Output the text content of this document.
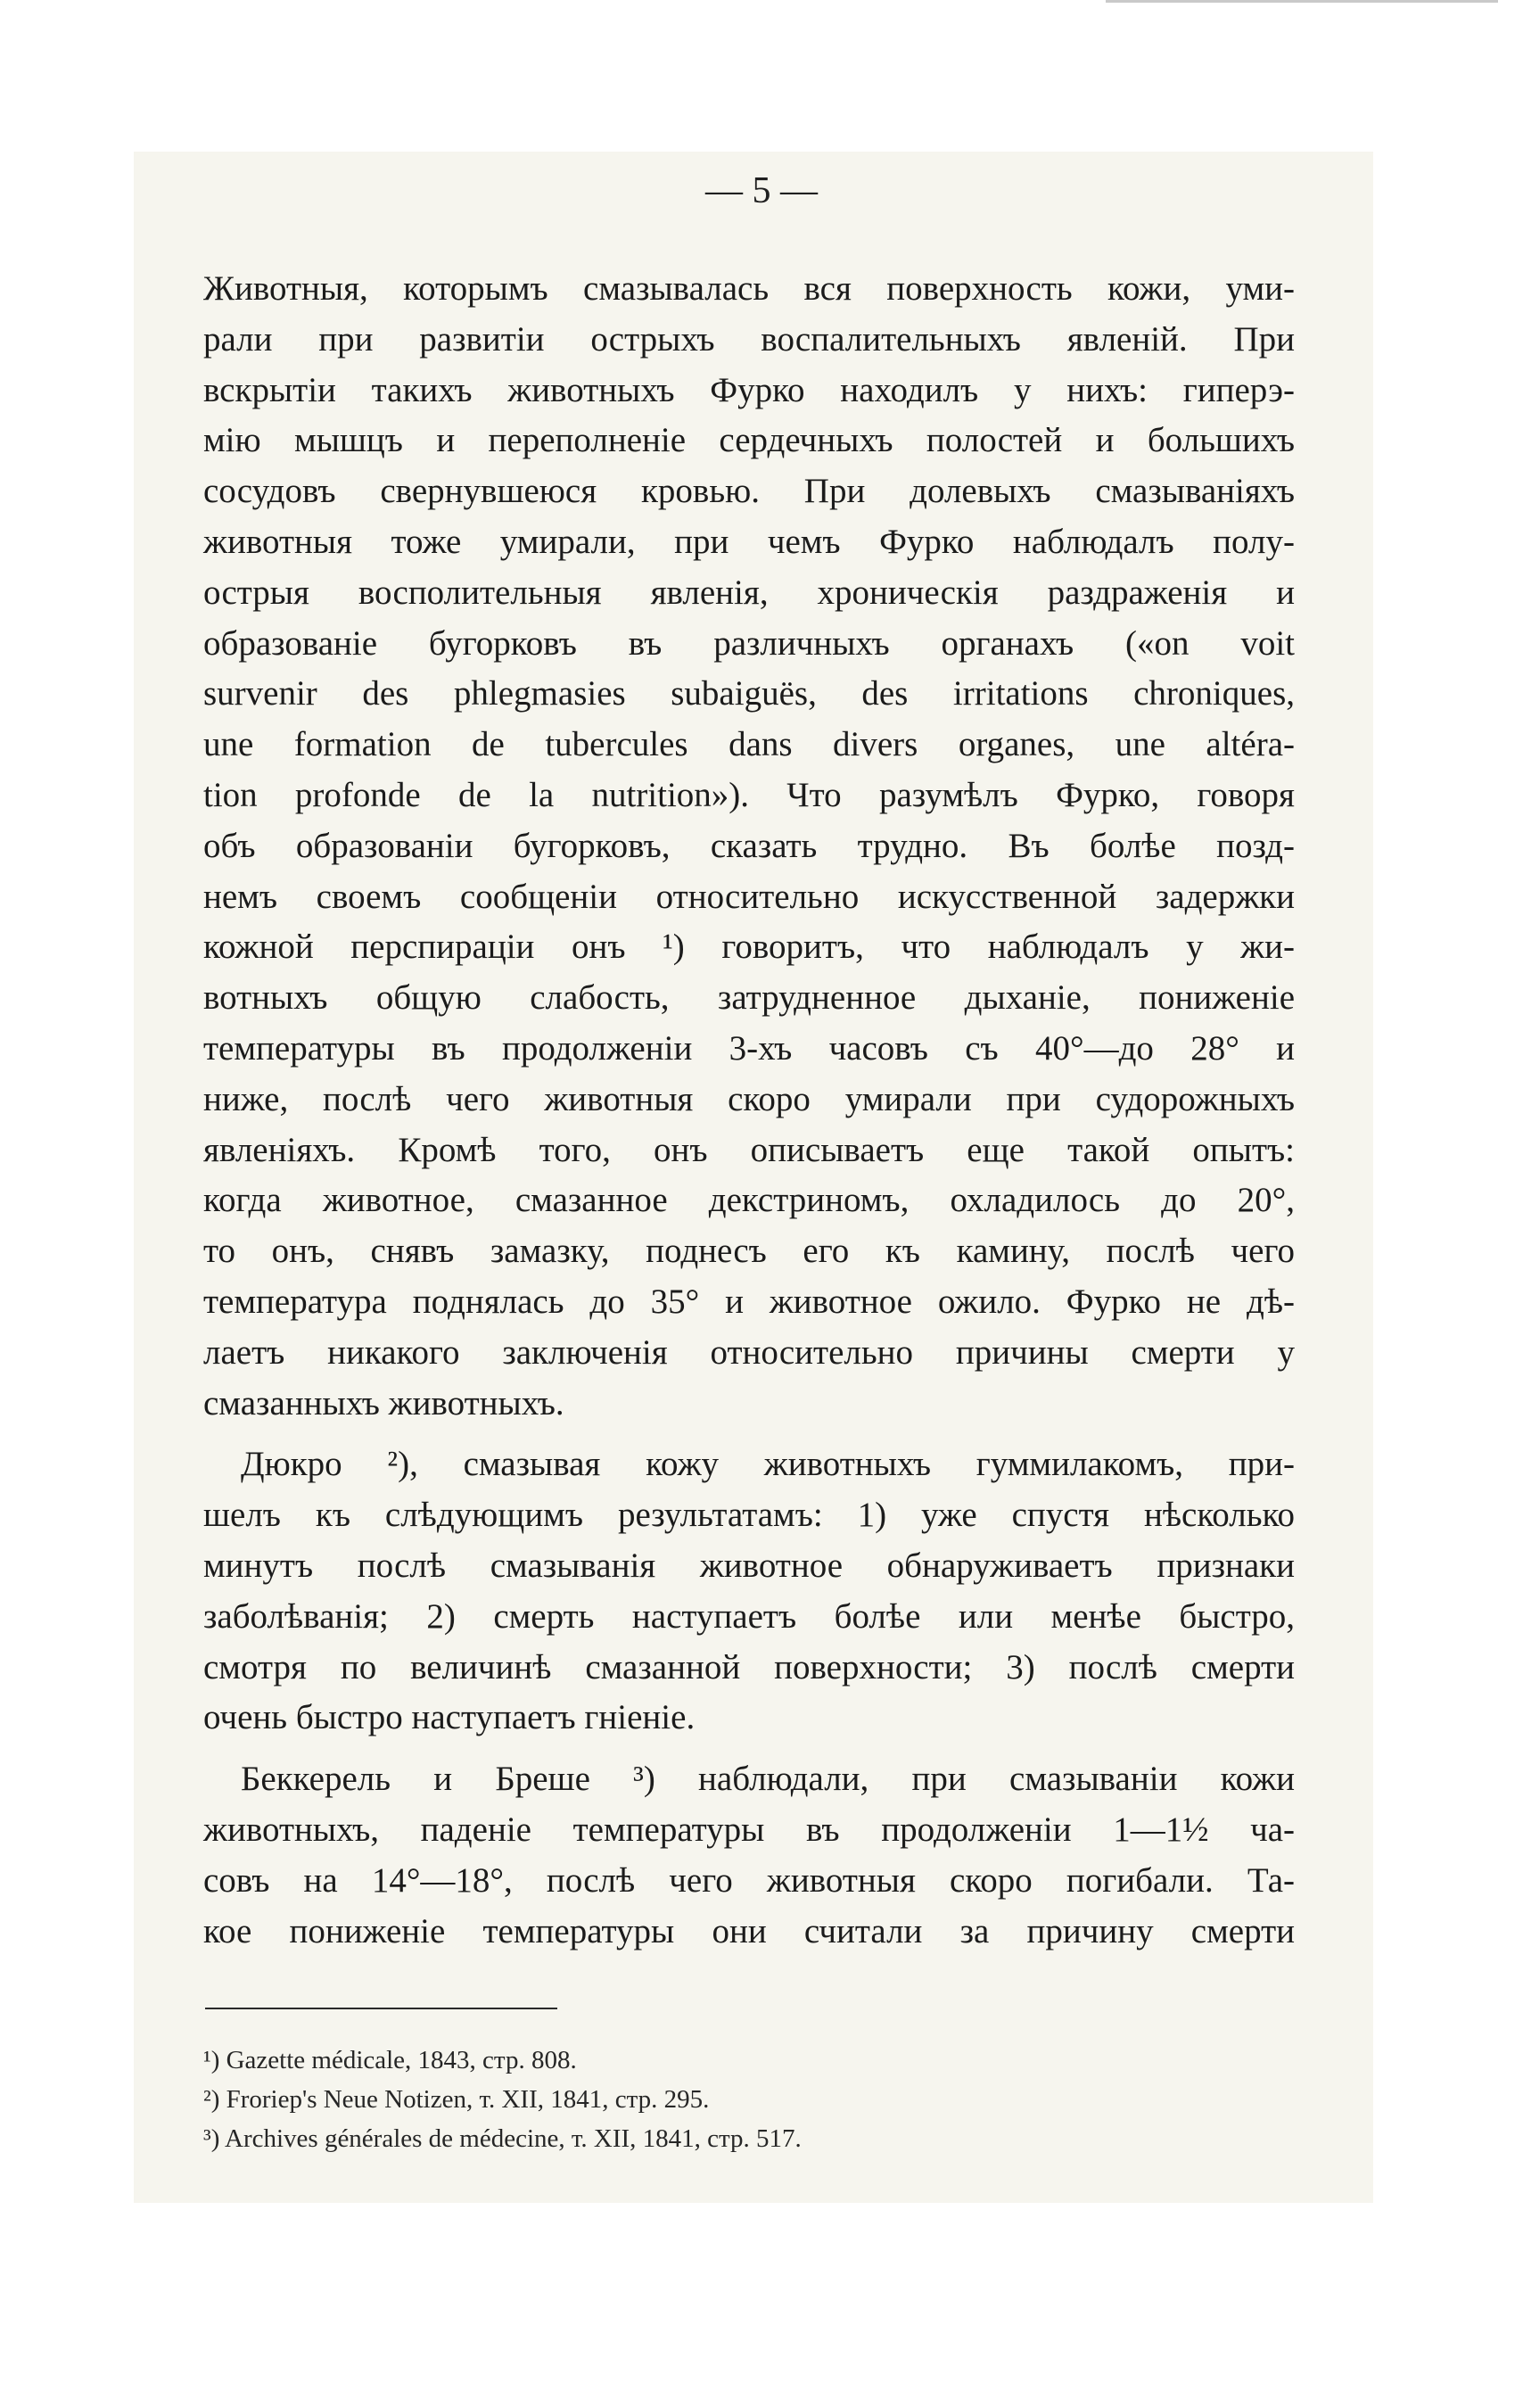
— 5 —
Животныя, которымъ смазывалась вся поверхность кожи, уми-
рали при развитіи острыхъ воспалительныхъ явленій. При
вскрытіи такихъ животныхъ Фурко находилъ у нихъ: гиперэ-
мію мышцъ и переполненіе сердечныхъ полостей и большихъ
сосудовъ свернувшеюся кровью. При долевыхъ смазываніяхъ
животныя тоже умирали, при чемъ Фурко наблюдалъ полу-
острыя восполительныя явленія, хроническія раздраженія и
образованіе бугорковъ въ различныхъ органахъ («on voit
survenir des phlegmasies subaiguës, des irritations chroniques,
une formation de tubercules dans divers organes, une altéra-
tion profonde de la nutrition»). Что разумѣлъ Фурко, говоря
объ образованіи бугорковъ, сказать трудно. Въ болѣе позд-
немъ своемъ сообщеніи относительно искусственной задержки
кожной перспираціи онъ ¹) говоритъ, что наблюдалъ у жи-
вотныхъ общую слабость, затрудненное дыханіе, пониженіе
температуры въ продолженіи 3-хъ часовъ съ 40°—до 28° и
ниже, послѣ чего животныя скоро умирали при судорожныхъ
явленіяхъ. Кромѣ того, онъ описываетъ еще такой опытъ:
когда животное, смазанное декстриномъ, охладилось до 20°,
то онъ, снявъ замазку, поднесъ его къ камину, послѣ чего
температура поднялась до 35° и животное ожило. Фурко не дѣ-
лаетъ никакого заключенія относительно причины смерти у
смазанныхъ животныхъ.
Дюкро ²), смазывая кожу животныхъ гуммилакомъ, при-
шелъ къ слѣдующимъ результатамъ: 1) уже спустя нѣсколько
минутъ послѣ смазыванія животное обнаруживаетъ признаки
заболѣванія; 2) смерть наступаетъ болѣе или менѣе быстро,
смотря по величинѣ смазанной поверхности; 3) послѣ смерти
очень быстро наступаетъ гніеніе.
Беккерель и Бреше ³) наблюдали, при смазываніи кожи
животныхъ, паденіе температуры въ продолженіи 1—1½ ча-
совъ на 14°—18°, послѣ чего животныя скоро погибали. Та-
кое пониженіе температуры они считали за причину смерти
¹) Gazette médicale, 1843, стр. 808.
²) Froriep's Neue Notizen, т. XII, 1841, стр. 295.
³) Archives générales de médecine, т. XII, 1841, стр. 517.
